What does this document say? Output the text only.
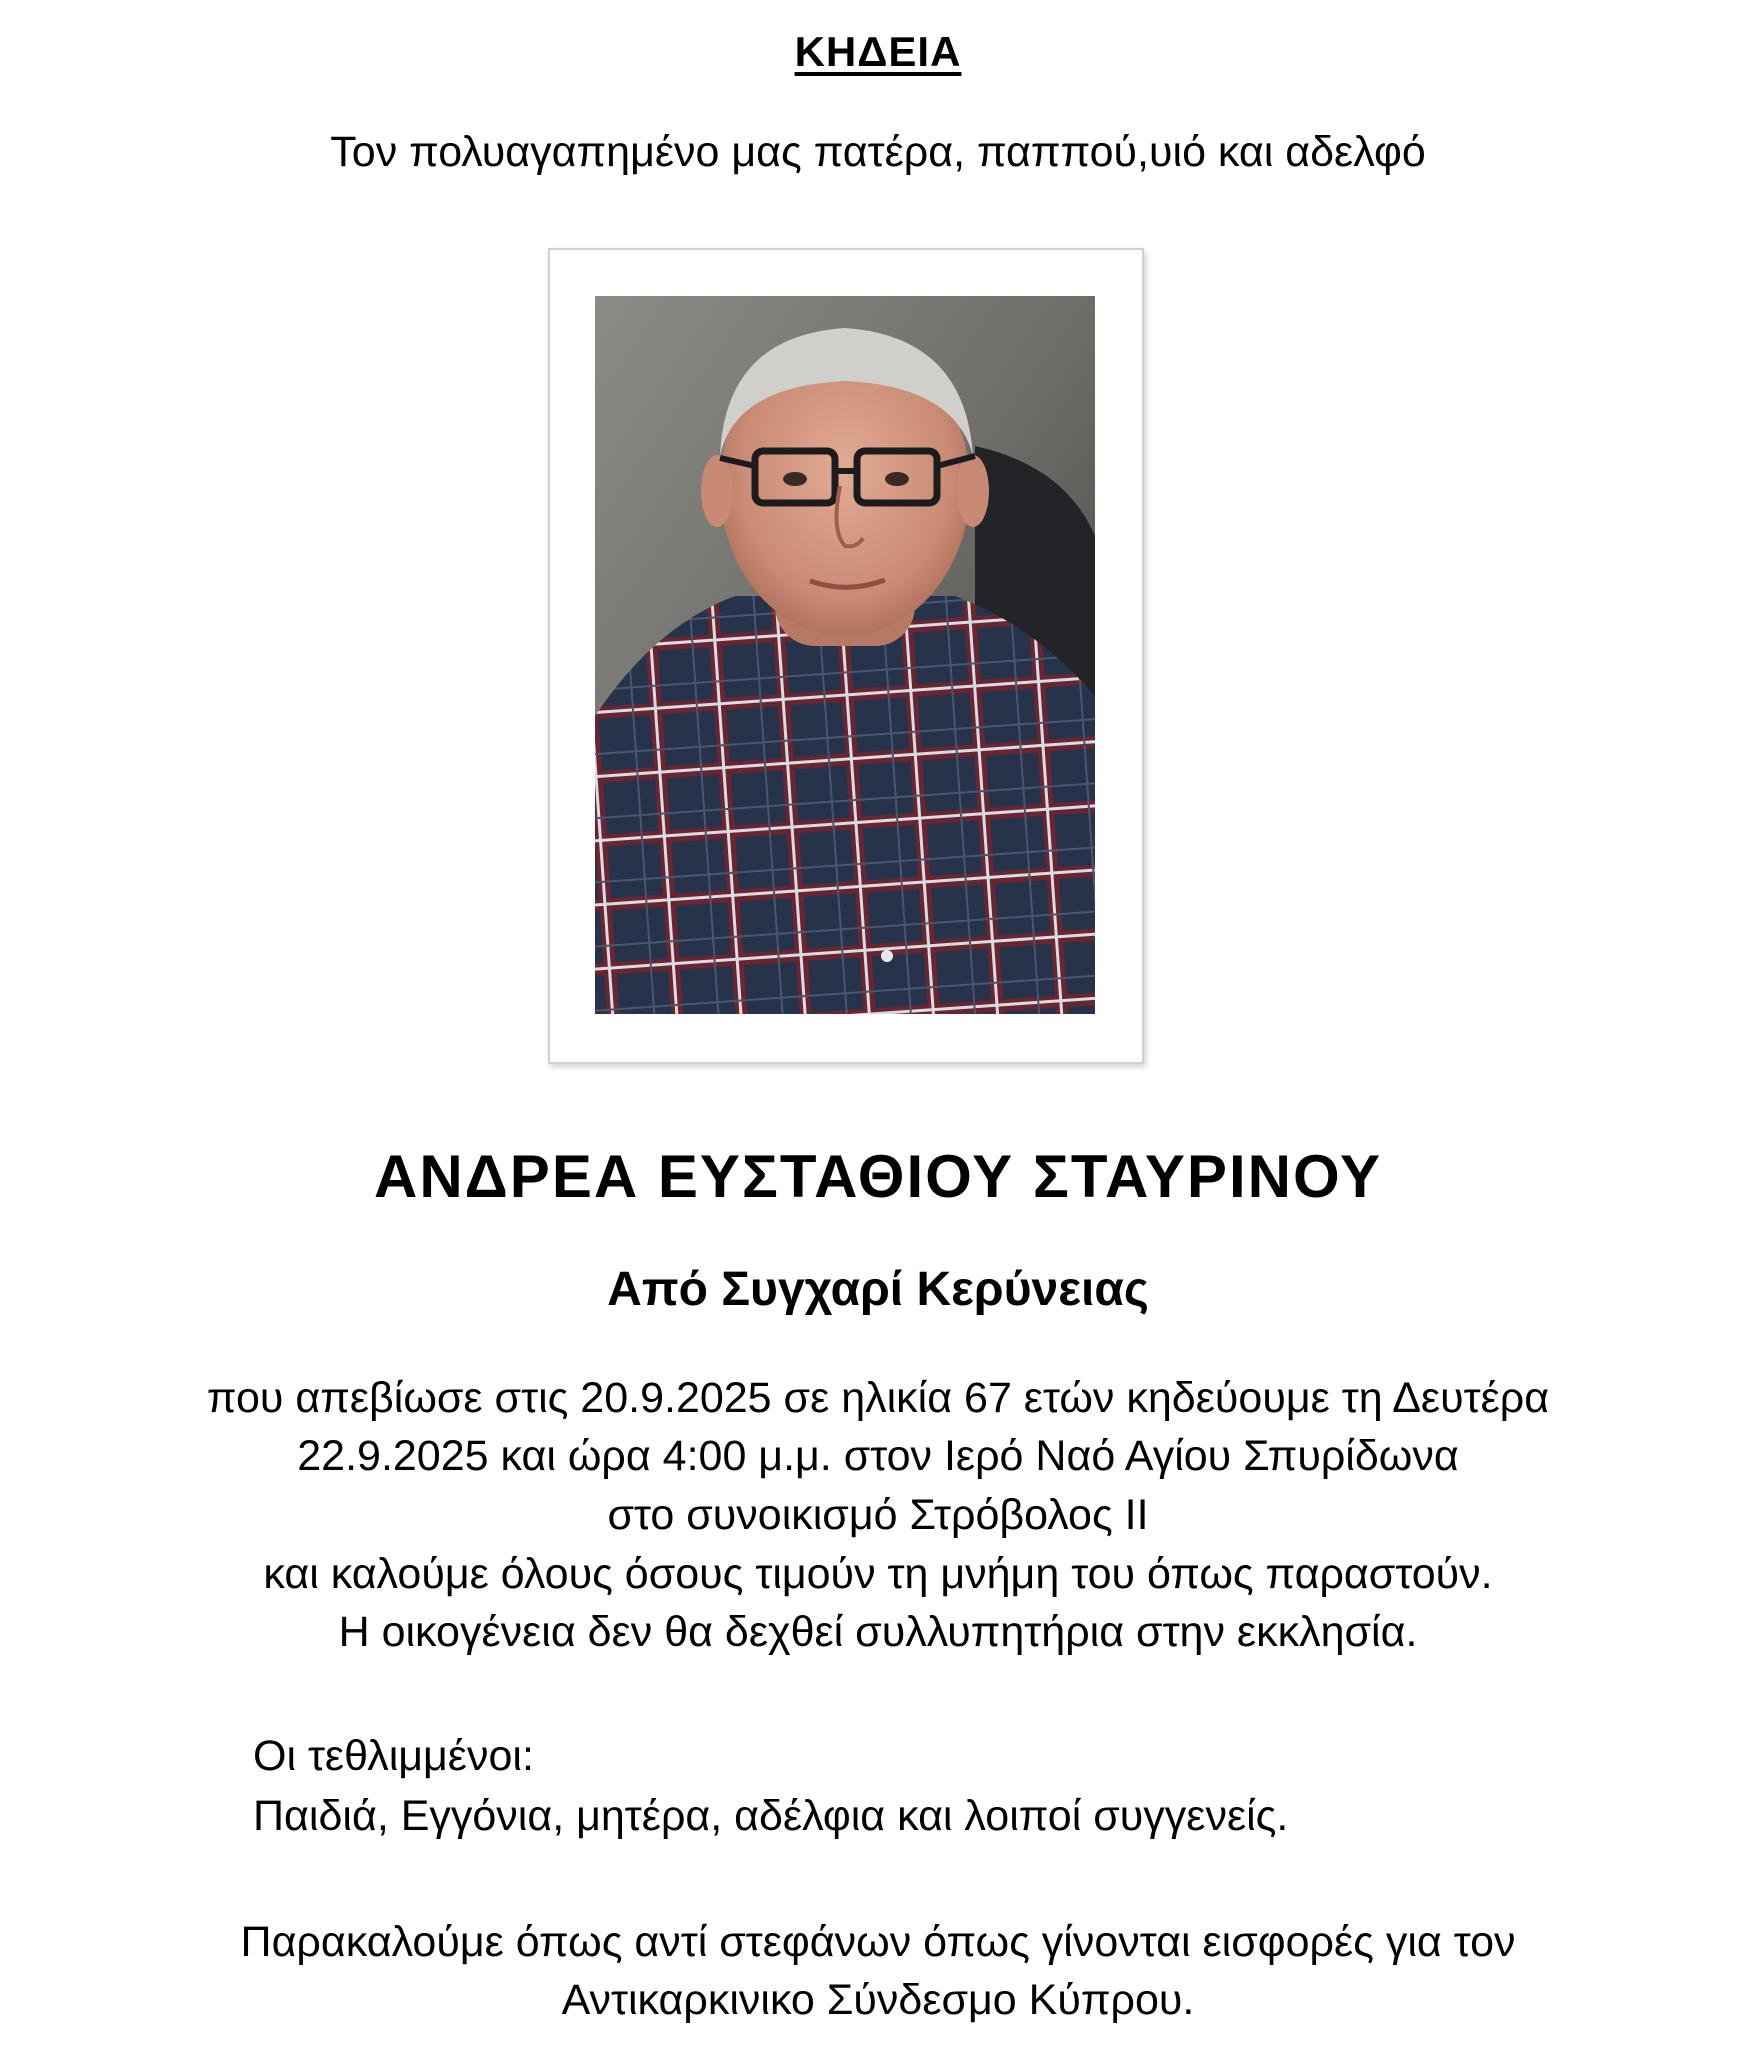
ΚΗΔΕΙΑ
Τον πολυαγαπημένο μας πατέρα, παππού,υιό και αδελφό
ΑΝΔΡΕΑ ΕΥΣΤΑΘΙΟΥ ΣΤΑΥΡΙΝΟΥ
Από Συγχαρί Κερύνειας
που απεβίωσε στις 20.9.2025 σε ηλικία 67 ετών κηδεύουμε τη Δευτέρα
22.9.2025 και ώρα 4:00 μ.μ. στον Ιερό Ναό Αγίου Σπυρίδωνα
στο συνοικισμό Στρόβολος ΙΙ
και καλούμε όλους όσους τιμούν τη μνήμη του όπως παραστούν.
Η οικογένεια δεν θα δεχθεί συλλυπητήρια στην εκκλησία.
Οι τεθλιμμένοι:
Παιδιά, Εγγόνια, μητέρα, αδέλφια και λοιποί συγγενείς.
Παρακαλούμε όπως αντί στεφάνων όπως γίνονται εισφορές για τον
Αντικαρκινικο Σύνδεσμο Κύπρου.
